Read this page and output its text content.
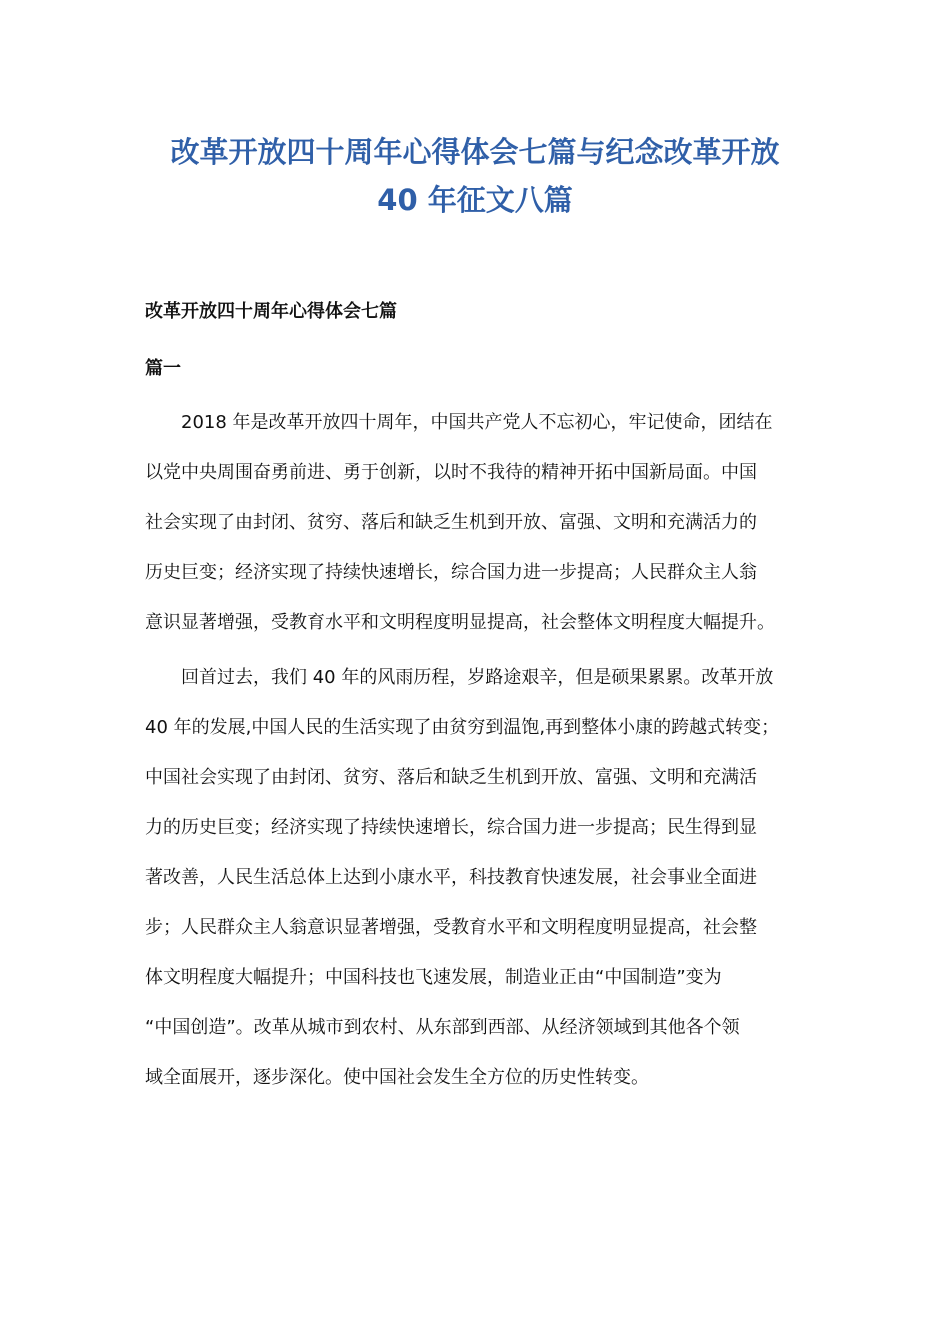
改革开放四十周年心得体会七篇与纪念改革开放
40 年征文八篇
改革开放四十周年心得体会七篇
篇一
　　2018 年是改革开放四十周年，中国共产党人不忘初心，牢记使命，团结在
以党中央周围奋勇前进、勇于创新，以时不我待的精神开拓中国新局面。中国
社会实现了由封闭、贫穷、落后和缺乏生机到开放、富强、文明和充满活力的
历史巨变；经济实现了持续快速增长，综合国力进一步提高；人民群众主人翁
意识显著增强，受教育水平和文明程度明显提高，社会整体文明程度大幅提升。
　　回首过去，我们 40 年的风雨历程，岁路途艰辛，但是硕果累累。改革开放
40 年的发展,中国人民的生活实现了由贫穷到温饱,再到整体小康的跨越式转变；
中国社会实现了由封闭、贫穷、落后和缺乏生机到开放、富强、文明和充满活
力的历史巨变；经济实现了持续快速增长，综合国力进一步提高；民生得到显
著改善，人民生活总体上达到小康水平，科技教育快速发展，社会事业全面进
步；人民群众主人翁意识显著增强，受教育水平和文明程度明显提高，社会整
体文明程度大幅提升；中国科技也飞速发展，制造业正由“中国制造”变为
“中国创造”。改革从城市到农村、从东部到西部、从经济领域到其他各个领
域全面展开，逐步深化。使中国社会发生全方位的历史性转变。
